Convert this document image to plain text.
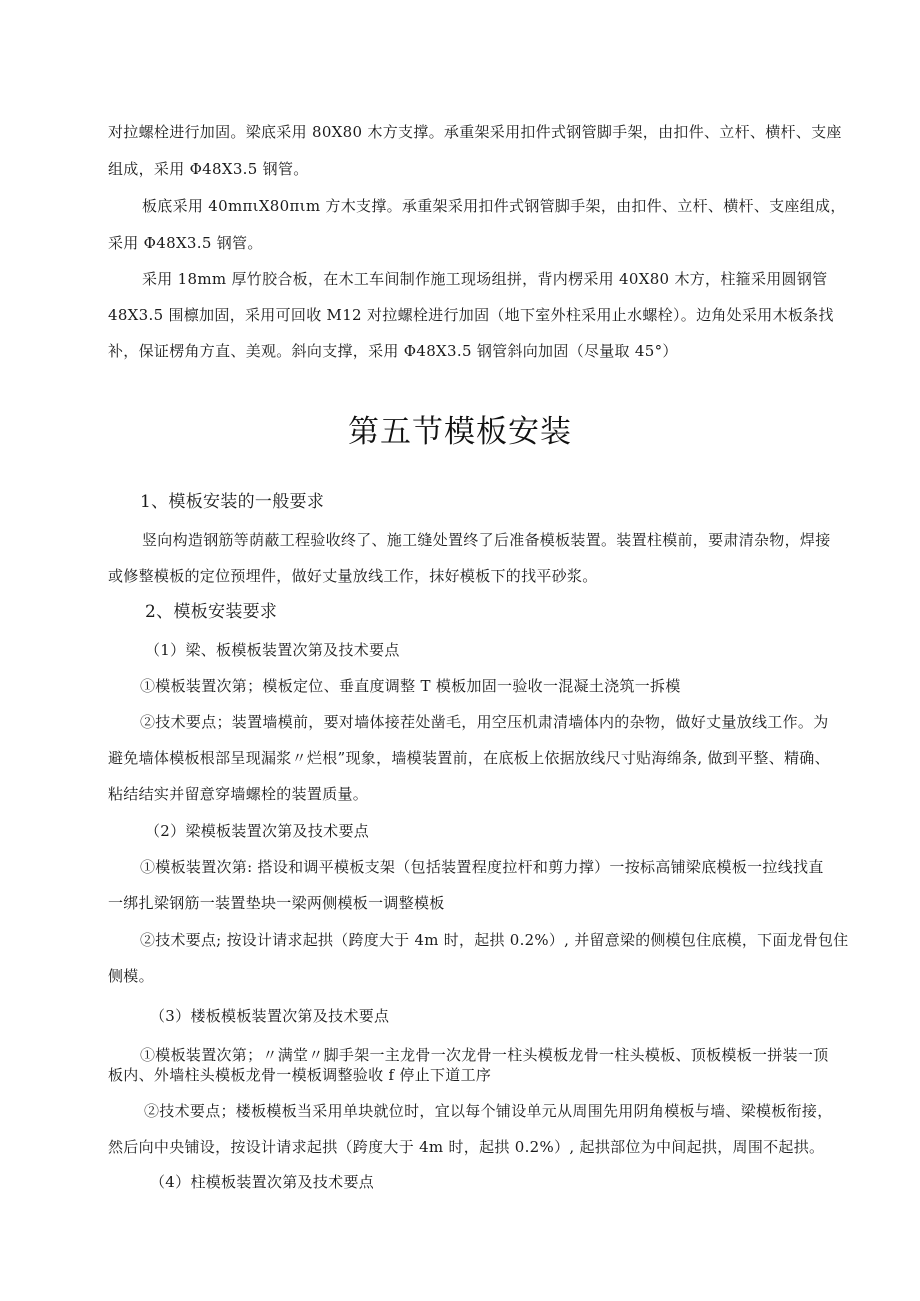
对拉螺栓进行加固。梁底采用 80X80 木方支撑。承重架采用扣件式钢管脚手架，由扣件、立杆、横杆、支座
组成，采用 Φ48X3.5 钢管。
板底采用 40mπιX80πιm 方木支撑。承重架采用扣件式钢管脚手架，由扣件、立杆、横杆、支座组成，
采用 Φ48X3.5 钢管。
采用 18mm 厚竹胶合板，在木工车间制作施工现场组拼，背内楞采用 40X80 木方，柱箍采用圆钢管
48X3.5 围檩加固，采用可回收 M12 对拉螺栓进行加固（地下室外柱采用止水螺栓）。边角处采用木板条找
补，保证楞角方直、美观。斜向支撑，采用 Φ48X3.5 钢管斜向加固（尽量取 45°）
第五节模板安装
1、模板安装的一般要求
竖向构造钢筋等荫蔽工程验收终了、施工缝处置终了后准备模板装置。装置柱模前，要肃清杂物，焊接
或修整模板的定位预埋件，做好丈量放线工作，抹好模板下的找平砂浆。
2、模板安装要求
（1）梁、板模板装置次第及技术要点
①模板装置次第；模板定位、垂直度调整 T 模板加固一验收一混凝土浇筑一拆模
②技术要点；装置墙模前，要对墙体接茬处凿毛，用空压机肃清墙体内的杂物，做好丈量放线工作。为
避免墙体模板根部呈现漏浆〃烂根”现象，墙模装置前，在底板上依据放线尺寸贴海绵条, 做到平整、精确、
粘结结实并留意穿墙螺栓的装置质量。
（2）梁模板装置次第及技术要点
①模板装置次第: 搭设和调平模板支架（包括装置程度拉杆和剪力撑）一按标高铺梁底模板一拉线找直
一绑扎梁钢筋一装置垫块一梁两侧模板一调整模板
②技术要点; 按设计请求起拱（跨度大于 4m 时，起拱 0.2%）, 并留意梁的侧模包住底模，下面龙骨包住
侧模。
（3）楼板模板装置次第及技术要点
①模板装置次第；〃满堂〃脚手架一主龙骨一次龙骨一柱头模板龙骨一柱头模板、顶板模板一拼装一顶
板内、外墙柱头模板龙骨一模板调整验收 f 停止下道工序
②技术要点；楼板模板当采用单块就位时，宜以每个铺设单元从周围先用阴角模板与墙、梁模板衔接，
然后向中央铺设，按设计请求起拱（跨度大于 4m 时，起拱 0.2%）, 起拱部位为中间起拱，周围不起拱。
（4）柱模板装置次第及技术要点
